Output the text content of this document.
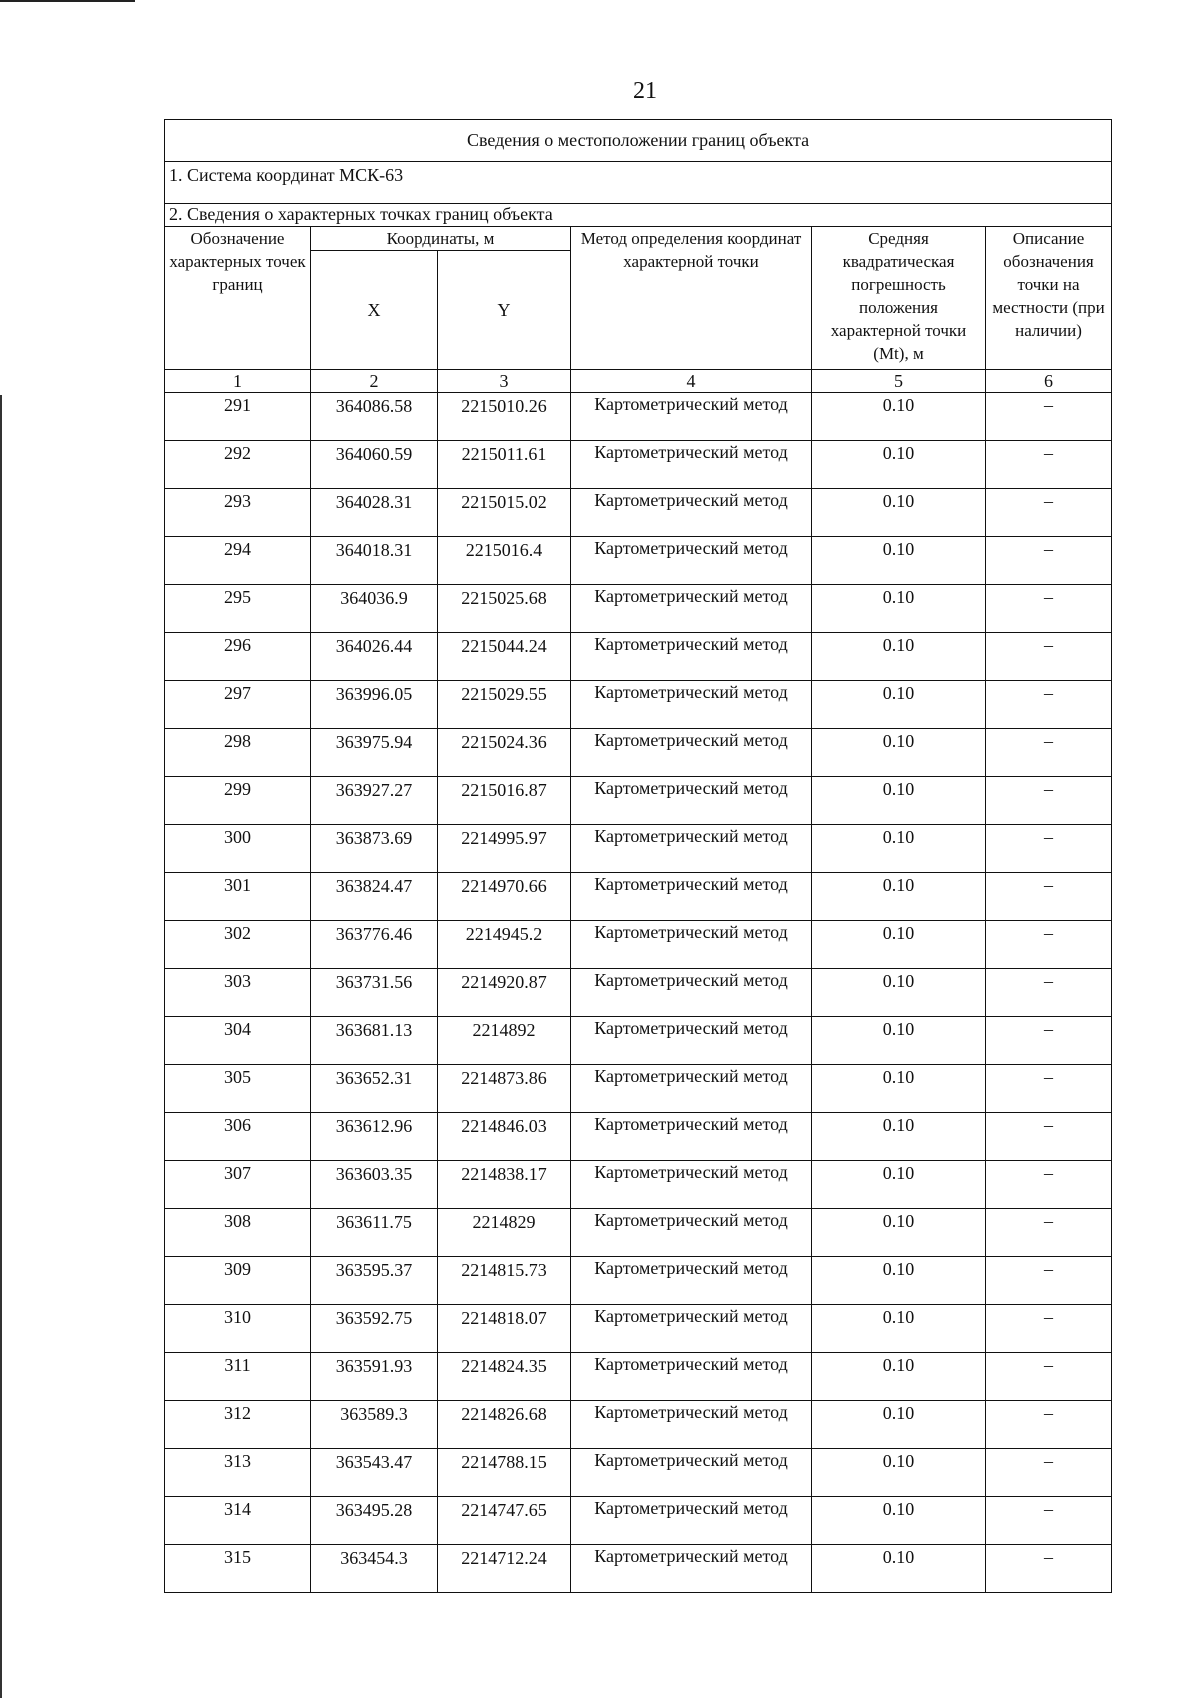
21
Сведения о местоположении границ объекта					
1. Система координат МСК-63					
2. Сведения о характерных точках границ объекта					
Обозначение характерных точек границ	Координаты, м		Метод определения координат характерной точки	Средняя квадратическая погрешность положения характерной точки (Mt), м	Описание обозначения точки на местности (при наличии)
	X	Y			
1	2	3	4	5	6
291	364086.58	2215010.26	Картометрический метод	0.10	–
292	364060.59	2215011.61	Картометрический метод	0.10	–
293	364028.31	2215015.02	Картометрический метод	0.10	–
294	364018.31	2215016.4	Картометрический метод	0.10	–
295	364036.9	2215025.68	Картометрический метод	0.10	–
296	364026.44	2215044.24	Картометрический метод	0.10	–
297	363996.05	2215029.55	Картометрический метод	0.10	–
298	363975.94	2215024.36	Картометрический метод	0.10	–
299	363927.27	2215016.87	Картометрический метод	0.10	–
300	363873.69	2214995.97	Картометрический метод	0.10	–
301	363824.47	2214970.66	Картометрический метод	0.10	–
302	363776.46	2214945.2	Картометрический метод	0.10	–
303	363731.56	2214920.87	Картометрический метод	0.10	–
304	363681.13	2214892	Картометрический метод	0.10	–
305	363652.31	2214873.86	Картометрический метод	0.10	–
306	363612.96	2214846.03	Картометрический метод	0.10	–
307	363603.35	2214838.17	Картометрический метод	0.10	–
308	363611.75	2214829	Картометрический метод	0.10	–
309	363595.37	2214815.73	Картометрический метод	0.10	–
310	363592.75	2214818.07	Картометрический метод	0.10	–
311	363591.93	2214824.35	Картометрический метод	0.10	–
312	363589.3	2214826.68	Картометрический метод	0.10	–
313	363543.47	2214788.15	Картометрический метод	0.10	–
314	363495.28	2214747.65	Картометрический метод	0.10	–
315	363454.3	2214712.24	Картометрический метод	0.10	–
